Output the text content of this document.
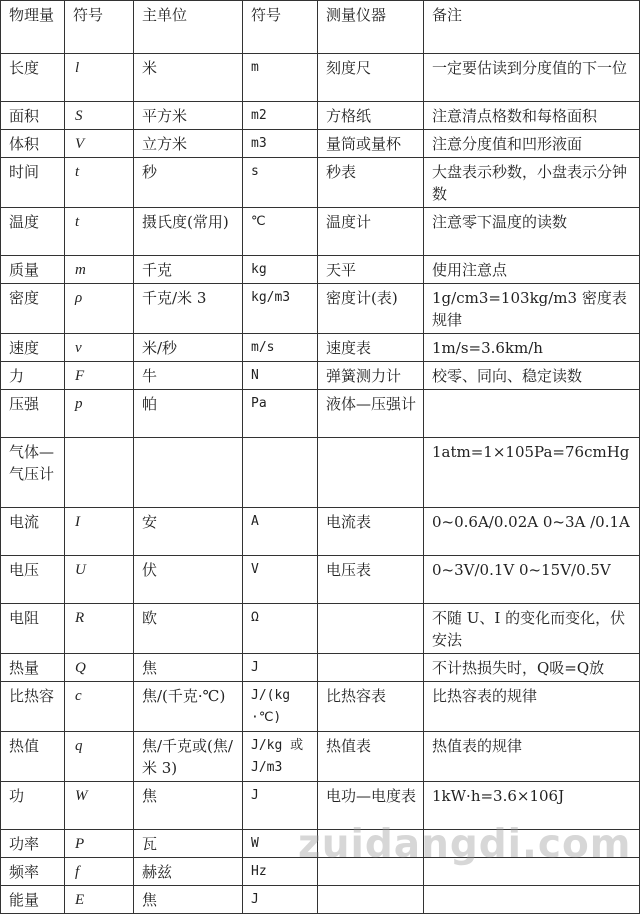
物理量	符号	主单位	符号	测量仪器	备注
长度	l	米	m	刻度尺	一定要估读到分度值的下一位
面积	S	平方米	m2	方格纸	注意清点格数和每格面积
体积	V	立方米	m3	量筒或量杯	注意分度值和凹形液面
时间	t	秒	s	秒表	大盘表示秒数，小盘表示分钟数
温度	t	摄氏度(常用)	℃	温度计	注意零下温度的读数
质量	m	千克	kg	天平	使用注意点
密度	ρ	千克/米 3	kg/m3	密度计(表)	1g/cm3=103kg/m3 密度表规律
速度	v	米/秒	m/s	速度表	1m/s=3.6km/h
力	F	牛	N	弹簧测力计	校零、同向、稳定读数
压强	p	帕	Pa	液体—压强计	
气体—气压计					1atm=1×105Pa=76cmHg
电流	I	安	A	电流表	0~0.6A/0.02A 0~3A /0.1A
电压	U	伏	V	电压表	0~3V/0.1V 0~15V/0.5V
电阻	R	欧	Ω		不随 U、I 的变化而变化，伏安法
热量	Q	焦	J		不计热损失时，Q吸=Q放
比热容	c	焦/(千克·℃)	J/(kg·℃)	比热容表	比热容表的规律
热值	q	焦/千克或(焦/米 3)	J/kg 或 J/m3	热值表	热值表的规律
功	W	焦	J	电功—电度表	1kW·h=3.6×106J
功率	P	瓦	W		
频率	f	赫兹	Hz		
能量	E	焦	J		
zuidangdi.com
